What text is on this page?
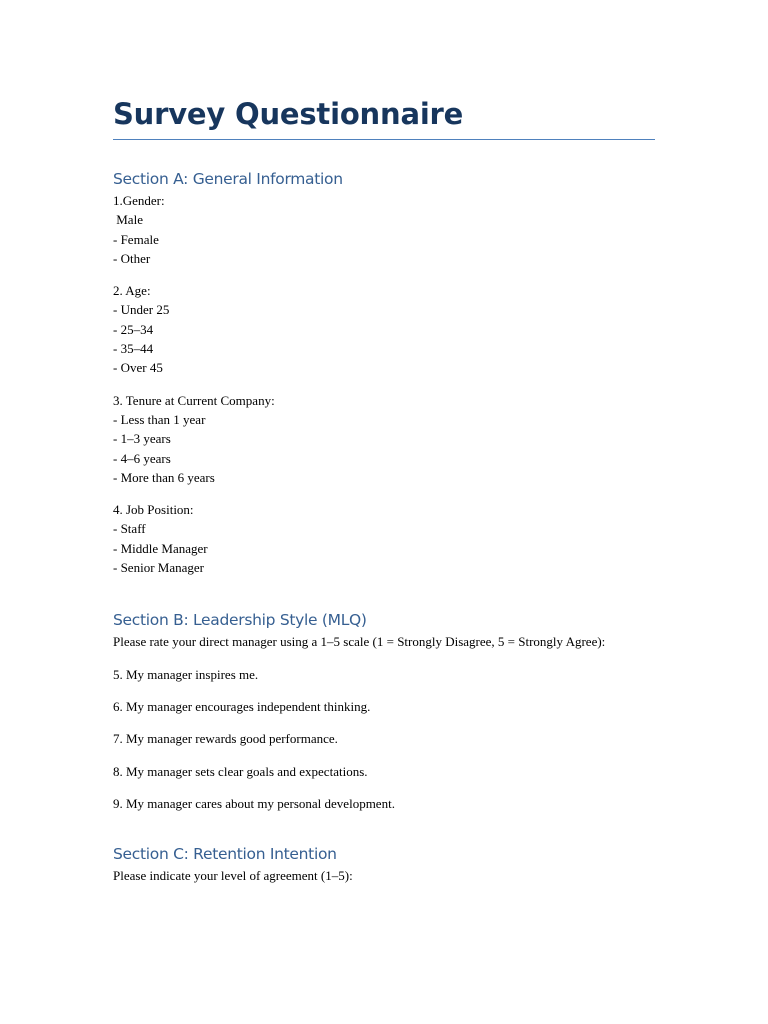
Survey Questionnaire
Section A: General Information
1.Gender:
Male
- Female
- Other
2. Age:
- Under 25
- 25–34
- 35–44
- Over 45
3. Tenure at Current Company:
- Less than 1 year
- 1–3 years
- 4–6 years
- More than 6 years
4. Job Position:
- Staff
- Middle Manager
- Senior Manager
Section B: Leadership Style (MLQ)

Please rate your direct manager using a 1–5 scale (1 = Strongly Disagree, 5 = Strongly Agree):

5. My manager inspires me.

6. My manager encourages independent thinking.

7. My manager rewards good performance.

8. My manager sets clear goals and expectations.

9. My manager cares about my personal development.

Section C: Retention Intention

Please indicate your level of agreement (1–5):
